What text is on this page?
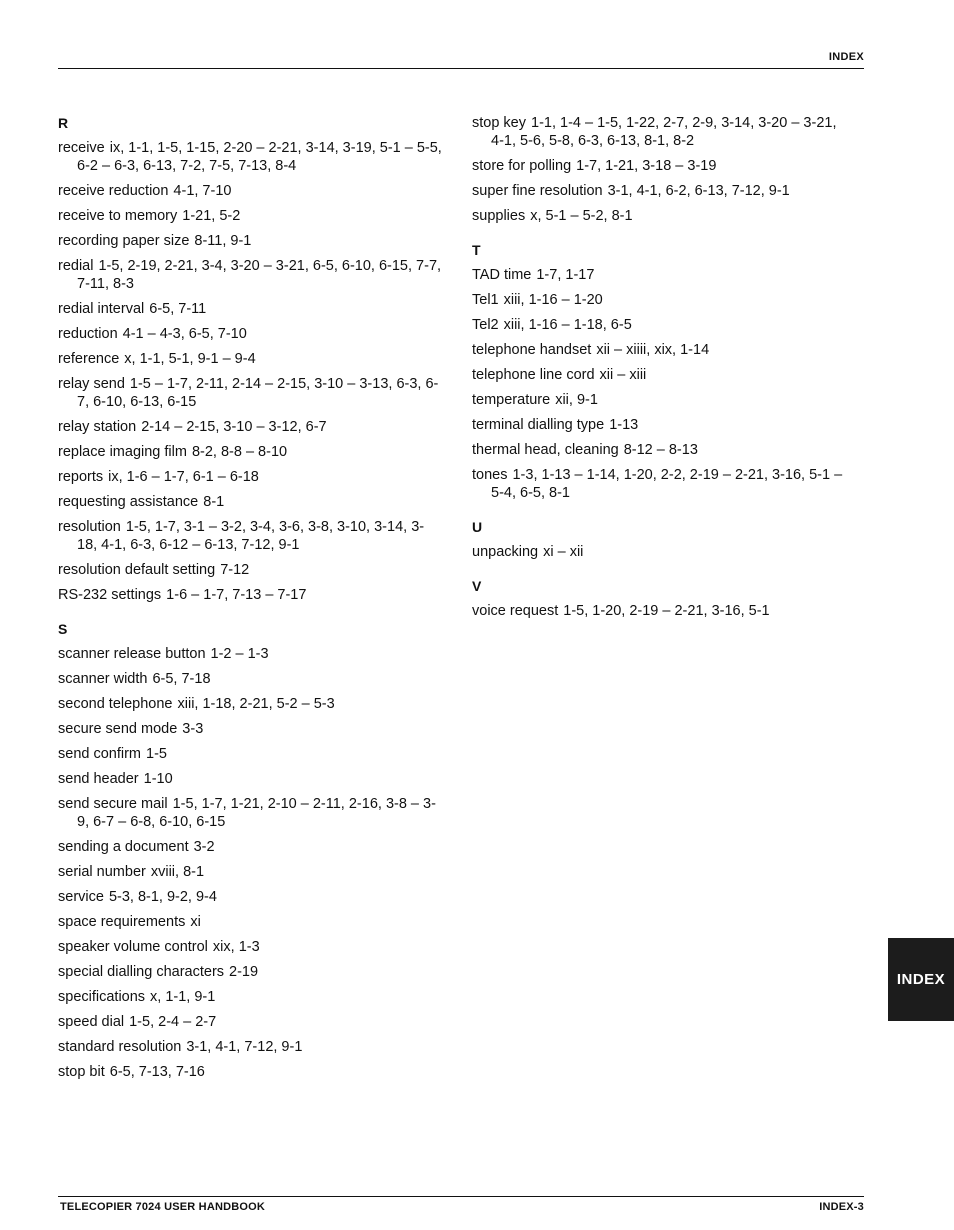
INDEX
R
receive ix, 1-1, 1-5, 1-15, 2-20 – 2-21, 3-14, 3-19, 5-1 – 5-5, 6-2 – 6-3, 6-13, 7-2, 7-5, 7-13, 8-4
receive reduction 4-1, 7-10
receive to memory 1-21, 5-2
recording paper size 8-11, 9-1
redial 1-5, 2-19, 2-21, 3-4, 3-20 – 3-21, 6-5, 6-10, 6-15, 7-7, 7-11, 8-3
redial interval 6-5, 7-11
reduction 4-1 – 4-3, 6-5, 7-10
reference x, 1-1, 5-1, 9-1 – 9-4
relay send 1-5 – 1-7, 2-11, 2-14 – 2-15, 3-10 – 3-13, 6-3, 6-7, 6-10, 6-13, 6-15
relay station 2-14 – 2-15, 3-10 – 3-12, 6-7
replace imaging film 8-2, 8-8 – 8-10
reports ix, 1-6 – 1-7, 6-1 – 6-18
requesting assistance 8-1
resolution 1-5, 1-7, 3-1 – 3-2, 3-4, 3-6, 3-8, 3-10, 3-14, 3-18, 4-1, 6-3, 6-12 – 6-13, 7-12, 9-1
resolution default setting 7-12
RS-232 settings 1-6 – 1-7, 7-13 – 7-17
S
scanner release button 1-2 – 1-3
scanner width 6-5, 7-18
second telephone xiii, 1-18, 2-21, 5-2 – 5-3
secure send mode 3-3
send confirm 1-5
send header 1-10
send secure mail 1-5, 1-7, 1-21, 2-10 – 2-11, 2-16, 3-8 – 3-9, 6-7 – 6-8, 6-10, 6-15
sending a document 3-2
serial number xviii, 8-1
service 5-3, 8-1, 9-2, 9-4
space requirements xi
speaker volume control xix, 1-3
special dialling characters 2-19
specifications x, 1-1, 9-1
speed dial 1-5, 2-4 – 2-7
standard resolution 3-1, 4-1, 7-12, 9-1
stop bit 6-5, 7-13, 7-16
stop key 1-1, 1-4 – 1-5, 1-22, 2-7, 2-9, 3-14, 3-20 – 3-21, 4-1, 5-6, 5-8, 6-3, 6-13, 8-1, 8-2
store for polling 1-7, 1-21, 3-18 – 3-19
super fine resolution 3-1, 4-1, 6-2, 6-13, 7-12, 9-1
supplies x, 5-1 – 5-2, 8-1
T
TAD time 1-7, 1-17
Tel1 xiii, 1-16 – 1-20
Tel2 xiii, 1-16 – 1-18, 6-5
telephone handset xii – xiiii, xix, 1-14
telephone line cord xii – xiii
temperature xii, 9-1
terminal dialling type 1-13
thermal head, cleaning 8-12 – 8-13
tones 1-3, 1-13 – 1-14, 1-20, 2-2, 2-19 – 2-21, 3-16, 5-1 – 5-4, 6-5, 8-1
U
unpacking xi – xii
V
voice request 1-5, 1-20, 2-19 – 2-21, 3-16, 5-1
INDEX
TELECOPIER 7024 USER HANDBOOK	INDEX-3
